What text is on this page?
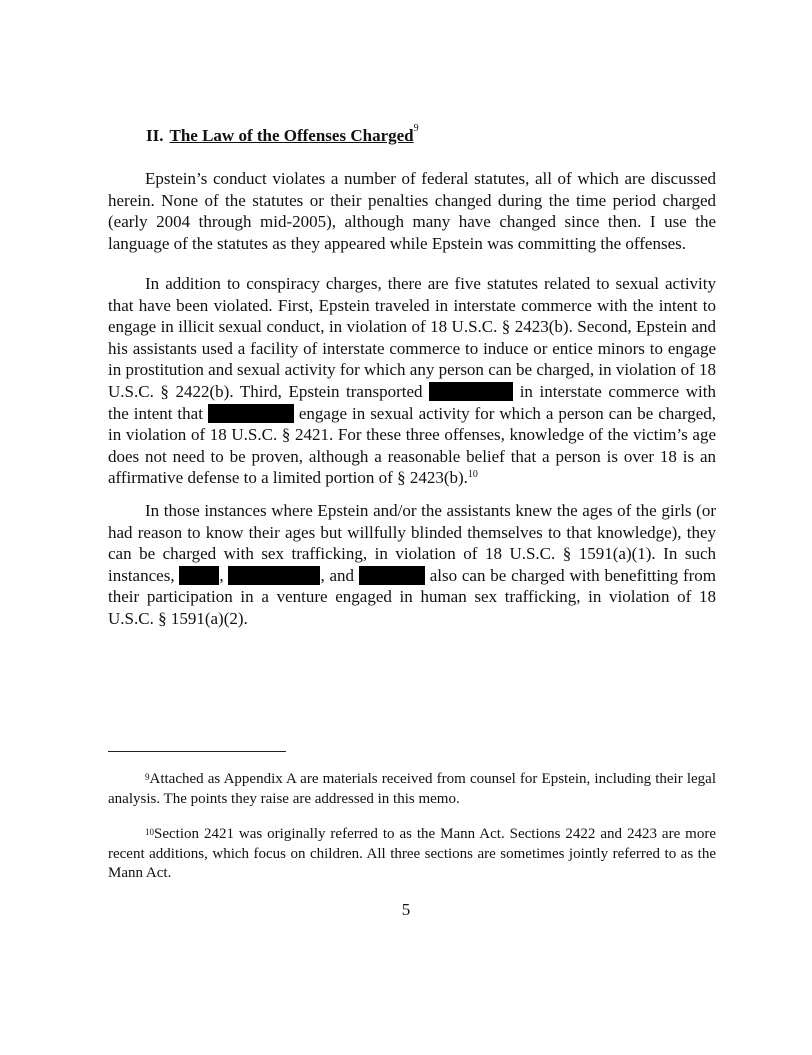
II. The Law of the Offenses Charged$^9$

Epstein’s conduct violates a number of federal statutes, all of which are discussed herein. None of the statutes or their penalties changed during the time period charged (early 2004 through mid-2005), although many have changed since then. I use the language of the statutes as they appeared while Epstein was committing the offenses.

In addition to conspiracy charges, there are five statutes related to sexual activity that have been violated. First, Epstein traveled in interstate commerce with the intent to engage in illicit sexual conduct, in violation of 18 U.S.C. § 2423(b). Second, Epstein and his assistants used a facility of interstate commerce to induce or entice minors to engage in prostitution and sexual activity for which any person can be charged, in violation of 18 U.S.C. § 2422(b). Third, Epstein transported	in interstate commerce with the intent that	engage in sexual activity for which a person can be charged, in violation of 18 U.S.C. § 2421. For these three offenses, knowledge of the victim’s age does not need to be proven, although a reasonable belief that a person is over 18 is an affirmative defense to a limited portion of § 2423(b).$^{10}$

In those instances where Epstein and/or the assistants knew the ages of the girls (or had reason to know their ages but willfully blinded themselves to that knowledge), they can be charged with sex trafficking, in violation of 18 U.S.C. § 1591(a)(1). In such instances,	,	, and	also can be charged with benefitting from their participation in a venture engaged in human sex trafficking, in violation of 18 U.S.C. § 1591(a)(2).

$^9$Attached as Appendix A are materials received from counsel for Epstein, including their legal analysis. The points they raise are addressed in this memo.

$^{10}$Section 2421 was originally referred to as the Mann Act. Sections 2422 and 2423 are more recent additions, which focus on children. All three sections are sometimes jointly referred to as the Mann Act.

5
